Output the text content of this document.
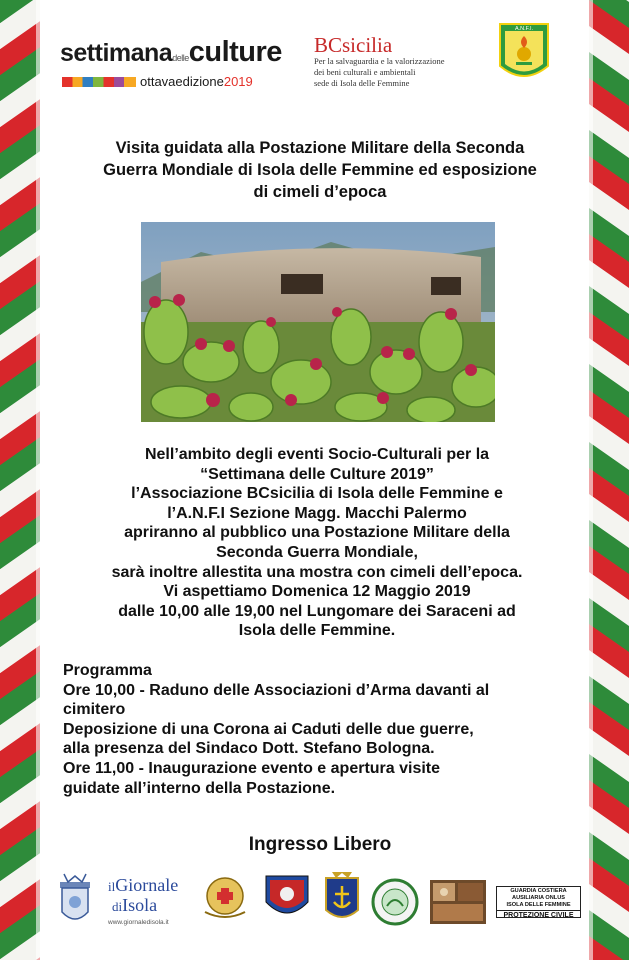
settimanadelleculture
ottavaedizione2019
BCsicilia
Per la salvaguardia e la valorizzazione
dei beni culturali e ambientali
sede di Isola delle Femmine
A.N.F.I.
Visita guidata alla Postazione Militare della Seconda
Guerra Mondiale di Isola delle Femmine ed esposizione
di cimeli d’epoca
Nell’ambito degli eventi Socio-Culturali per la
“Settimana delle Culture 2019”
l’Associazione BCsicilia di Isola delle Femmine e
l’A.N.F.I Sezione Magg. Macchi Palermo
apriranno al pubblico una Postazione Militare della
Seconda Guerra Mondiale,
sarà inoltre allestita una mostra con cimeli dell’epoca.
Vi aspettiamo Domenica 12 Maggio 2019
dalle 10,00 alle 19,00 nel Lungomare dei Saraceni ad
Isola delle Femmine.
Programma
Ore 10,00 - Raduno delle Associazioni d’Arma davanti al
cimitero
Deposizione di una Corona ai Caduti delle due guerre,
alla presenza del Sindaco Dott. Stefano Bologna.
Ore 11,00 - Inaugurazione evento e apertura visite
guidate all’interno della Postazione.
Ingresso Libero
ilGiornale
diIsola
www.giornaledisola.it
GUARDIA COSTIERA AUSILIARIA ONLUS
ISOLA DELLE FEMMINE
PROTEZIONE CIVILE
